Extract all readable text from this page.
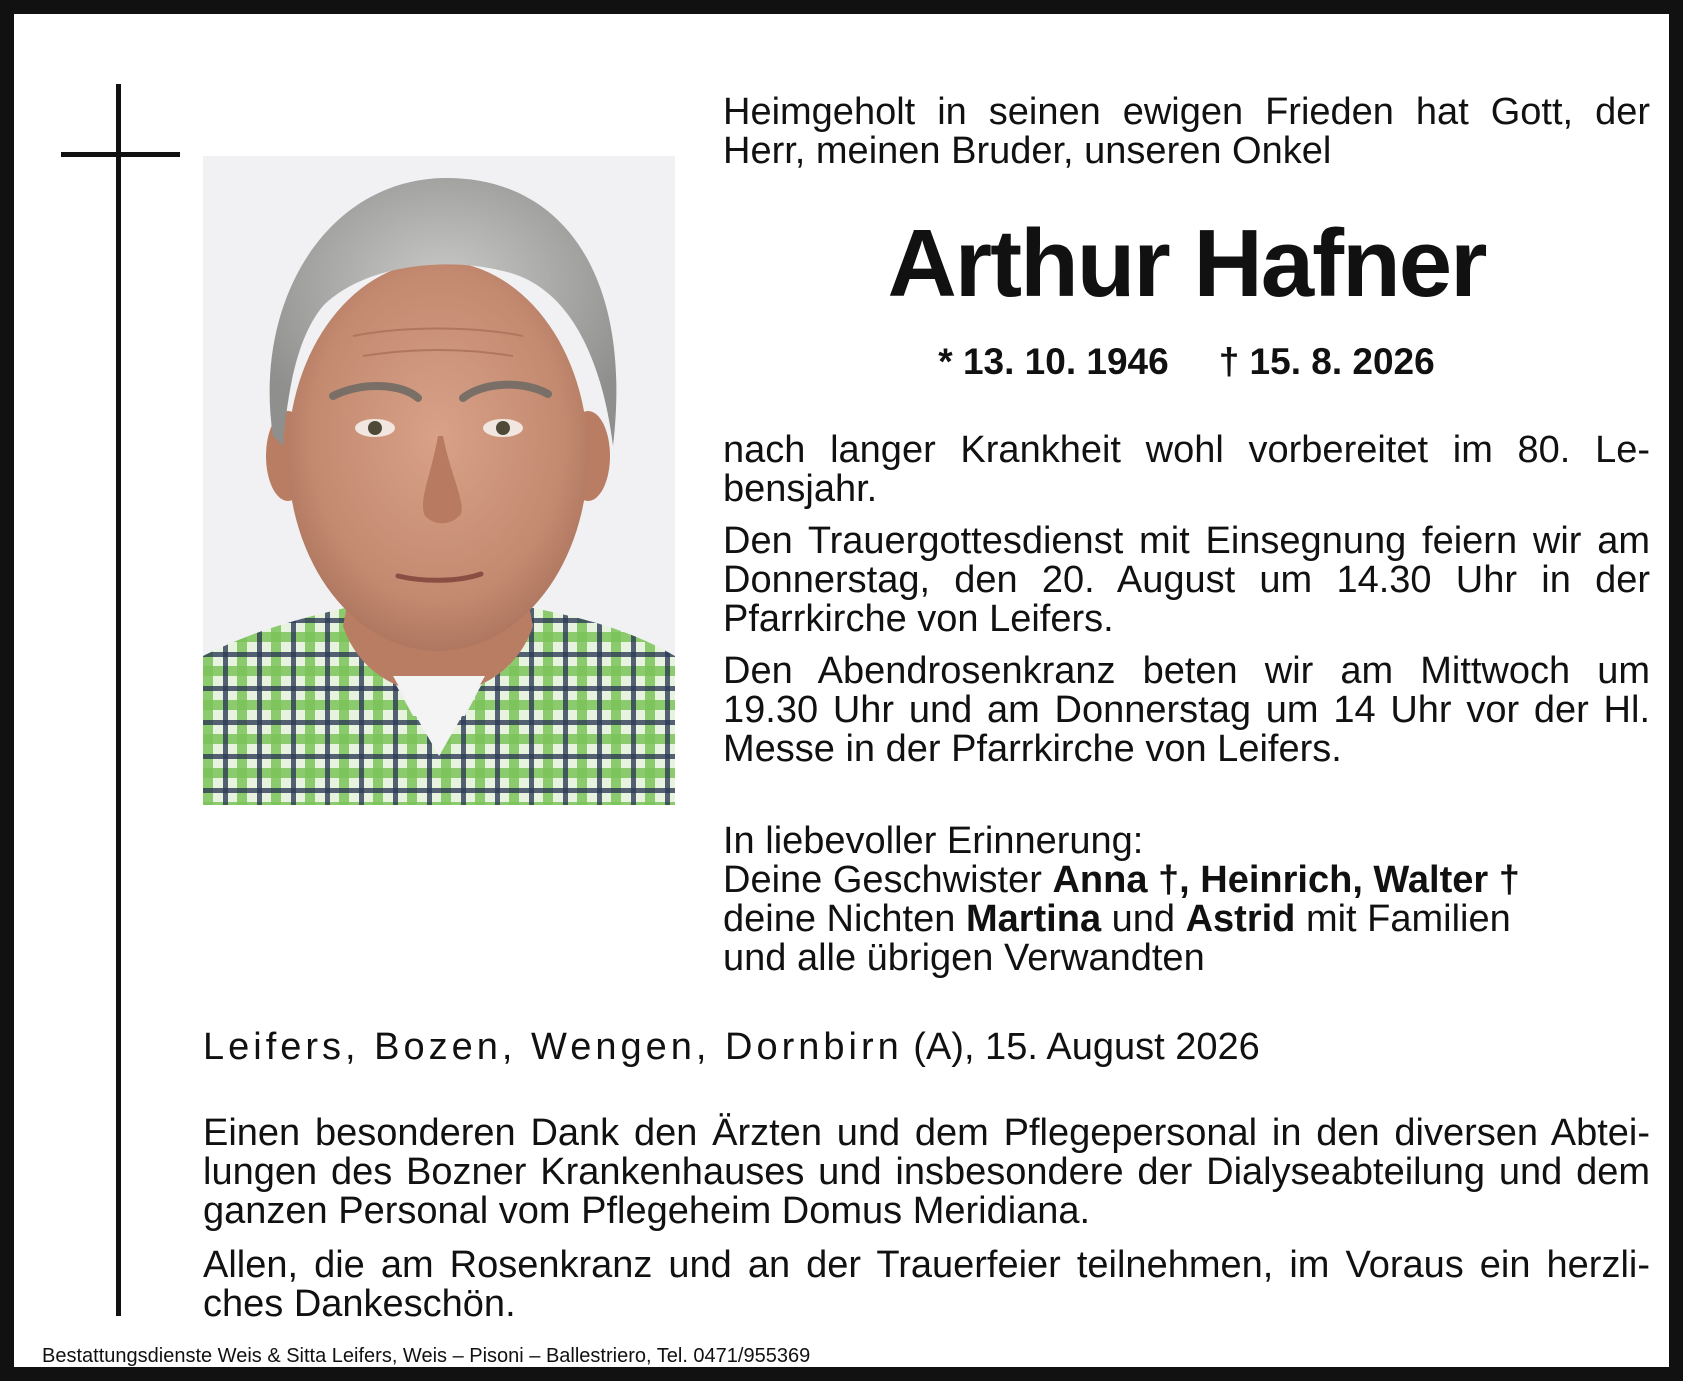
Heimgeholt in seinen ewigen Frieden hat Gott, der Herr, meinen Bruder, unseren Onkel
Arthur Hafner
* 13. 10. 1946 † 15. 8. 2026
nach langer Krankheit wohl vorbereitet im 80. Le- bensjahr.
Den Trauergottesdienst mit Einsegnung feiern wir am Donnerstag, den 20. August um 14.30 Uhr in der Pfarrkirche von Leifers.
Den Abendrosenkranz beten wir am Mittwoch um 19.30 Uhr und am Donnerstag um 14 Uhr vor der Hl. Messe in der Pfarrkirche von Leifers.
In liebevoller Erinnerung:
Deine Geschwister Anna †, Heinrich, Walter †
deine Nichten Martina und Astrid mit Familien
und alle übrigen Verwandten
Leifers, Bozen, Wengen, Dornbirn (A), 15. August 2026
Einen besonderen Dank den Ärzten und dem Pflegepersonal in den diversen Abtei- lungen des Bozner Krankenhauses und insbesondere der Dialyseabteilung und dem ganzen Personal vom Pflegeheim Domus Meridiana.
Allen, die am Rosenkranz und an der Trauerfeier teilnehmen, im Voraus ein herzli- ches Dankeschön.
Bestattungsdienste Weis & Sitta Leifers, Weis – Pisoni – Ballestriero, Tel. 0471/955369
